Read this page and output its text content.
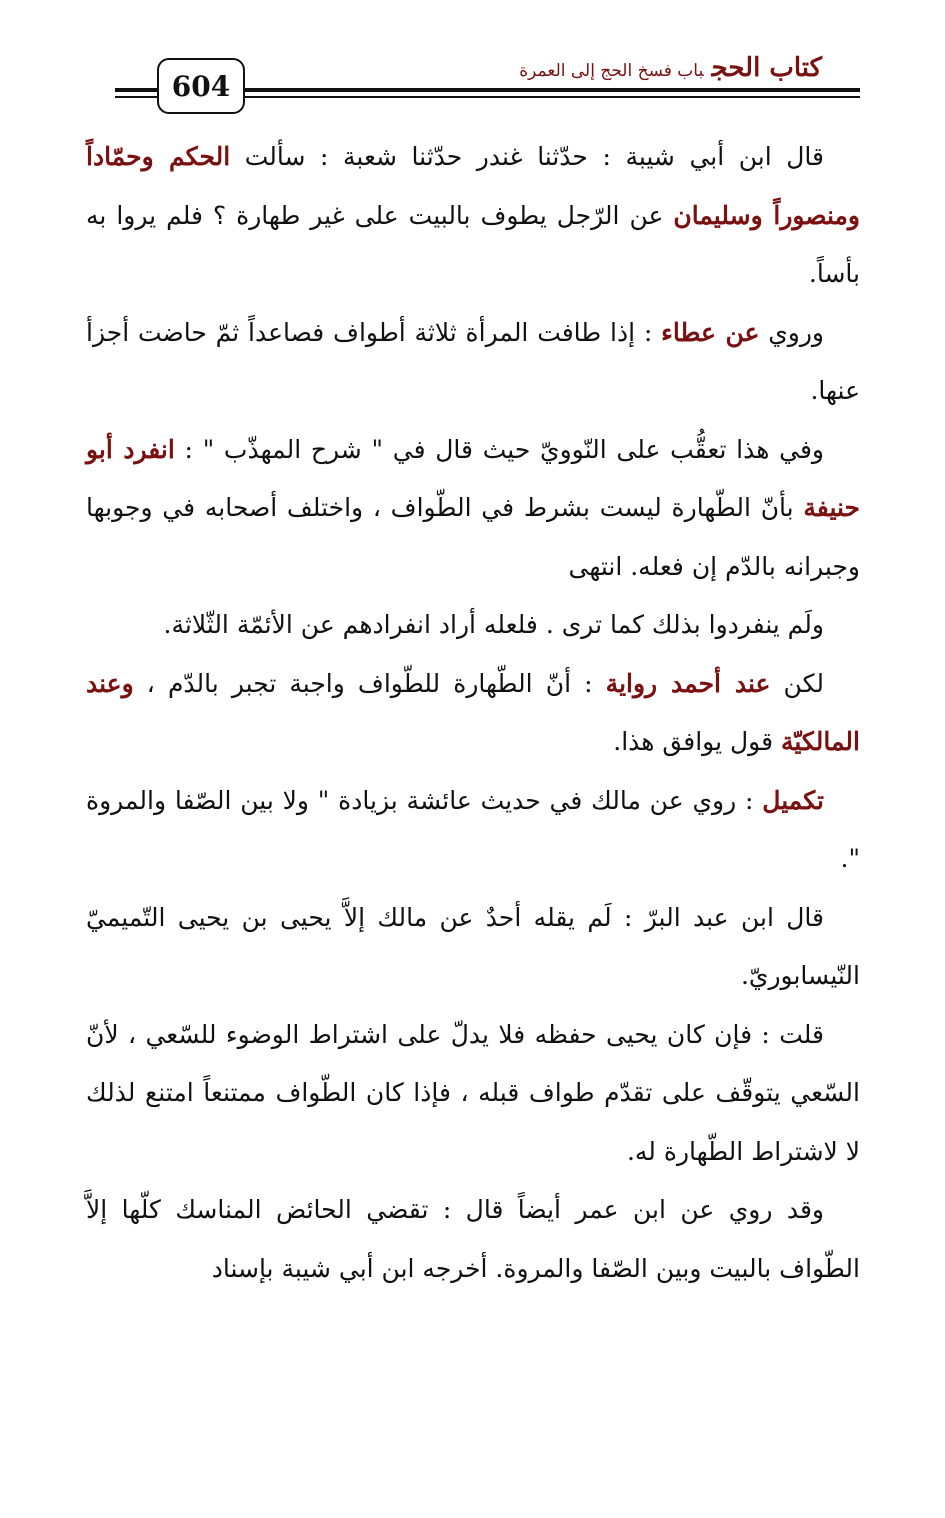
604
كتاب الحجباب فسخ الحج إلى العمرة

قال ابن أبي شيبة : حدّثنا غندر حدّثنا شعبة : سألت الحكم وحمّاداً ومنصوراً وسليمان عن الرّجل يطوف بالبيت على غير طهارة ؟ فلم يروا به بأساً.

وروي عن عطاء : إذا طافت المرأة ثلاثة أطواف فصاعداً ثمّ حاضت أجزأ عنها.

وفي هذا تعقُّب على النّوويّ حيث قال في " شرح المهذّب " : انفرد أبو حنيفة بأنّ الطّهارة ليست بشرط في الطّواف ، واختلف أصحابه في وجوبها وجبرانه بالدّم إن فعله. انتهى

ولَم ينفردوا بذلك كما ترى . فلعله أراد انفرادهم عن الأئمّة الثّلاثة.

لكن عند أحمد رواية : أنّ الطّهارة للطّواف واجبة تجبر بالدّم ، وعند المالكيّة قول يوافق هذا.

تكميل : روي عن مالك في حديث عائشة بزيادة " ولا بين الصّفا والمروة ".

قال ابن عبد البرّ : لَم يقله أحدٌ عن مالك إلاَّ يحيى بن يحيى التّميميّ النّيسابوريّ.

قلت : فإن كان يحيى حفظه فلا يدلّ على اشتراط الوضوء للسّعي ، لأنّ السّعي يتوقّف على تقدّم طواف قبله ، فإذا كان الطّواف ممتنعاً امتنع لذلك لا لاشتراط الطّهارة له.

وقد روي عن ابن عمر أيضاً قال : تقضي الحائض المناسك كلّها إلاَّ الطّواف بالبيت وبين الصّفا والمروة. أخرجه ابن أبي شيبة بإسناد
